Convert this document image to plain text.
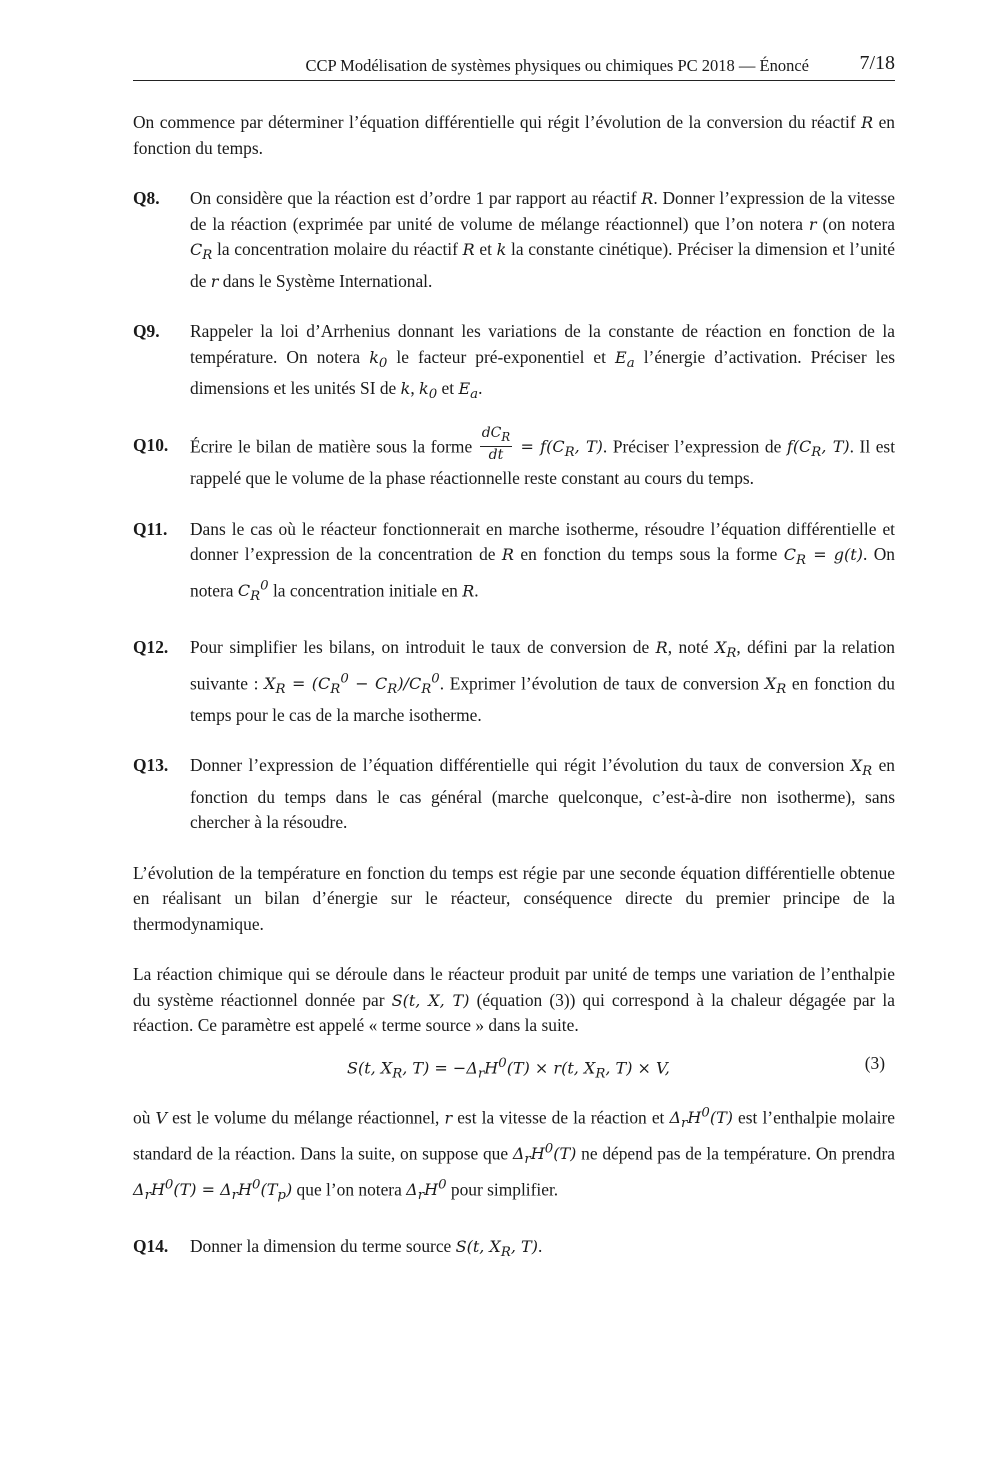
CCP Modélisation de systèmes physiques ou chimiques PC 2018 — Énoncé	7/18

On commence par déterminer l’équation différentielle qui régit l’évolution de la conversion du réactif R en fonction du temps.

Q8.	On considère que la réaction est d’ordre 1 par rapport au réactif R. Donner l’expression de la vitesse de la réaction (exprimée par unité de volume de mélange réactionnel) que l’on notera r (on notera $C_R$ la concentration molaire du réactif R et k la constante cinétique). Préciser la dimension et l’unité de r dans le Système International.
Q9.	Rappeler la loi d’Arrhenius donnant les variations de la constante de réaction en fonction de la température. On notera $k_0$ le facteur pré-exponentiel et $E_a$ l’énergie d’activation. Préciser les dimensions et les unités SI de k, $k_0$ et $E_a$.
Q10.	Écrire le bilan de matière sous la forme $\frac{dC_R}{dt} = f(C_R$, T). Préciser l’expression de $f(C_R$, T). Il est rappelé que le volume de la phase réactionnelle reste constant au cours du temps.
Q11.	Dans le cas où le réacteur fonctionnerait en marche isotherme, résoudre l’équation différentielle et donner l’expression de la concentration de R en fonction du temps sous la forme $C_R = g(t)$. On notera $C_R^0$ la concentration initiale en R.
Q12.	Pour simplifier les bilans, on introduit le taux de conversion de R, noté $X_R$, défini par la relation suivante : $X_R = (C_R^0 - C_R)/C_R^0$. Exprimer l’évolution de taux de conversion $X_R$ en fonction du temps pour le cas de la marche isotherme.
Q13.	Donner l’expression de l’équation différentielle qui régit l’évolution du taux de conversion $X_R$ en fonction du temps dans le cas général (marche quelconque, c’est-à-dire non isotherme), sans chercher à la résoudre.

L’évolution de la température en fonction du temps est régie par une seconde équation différentielle obtenue en réalisant un bilan d’énergie sur le réacteur, conséquence directe du premier principe de la thermodynamique.

La réaction chimique qui se déroule dans le réacteur produit par unité de temps une variation de l’enthalpie du système réactionnel donnée par S(t, X, T) (équation (3)) qui correspond à la chaleur dégagée par la réaction. Ce paramètre est appelé « terme source » dans la suite.

S(t, $X_R$, $T) = -\Delta_rH^0(T) \times r(t$, $X_R$, T) × V,	(3)

où V est le volume du mélange réactionnel, r est la vitesse de la réaction et $\Delta_rH^0(T)$ est l’enthalpie molaire standard de la réaction. Dans la suite, on suppose que $\Delta_rH^0(T)$ ne dépend pas de la température. On prendra $\Delta_rH^0(T) = \Delta_rH^0(T_p)$ que l’on notera $\Delta_rH^0$ pour simplifier.

Q14.	Donner la dimension du terme source S(t, $X_R$, T).
